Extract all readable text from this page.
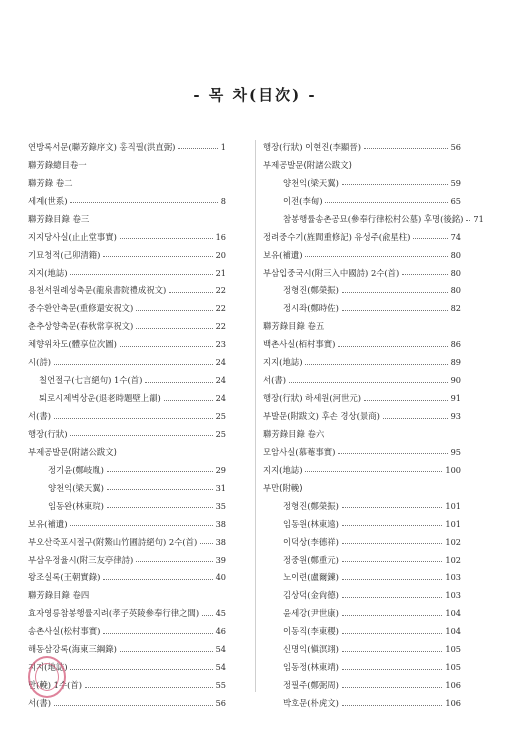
- 목 차(目次) -
연방록서문(聯芳錄序文) 홍직필(洪直弼)	1
聯芳錄總目卷一
聯芳錄 卷二
세계(世系)	8
聯芳錄目錄 卷三
지지당사실(止止堂事實)	16
기묘청적(己卯清籍)	20
지지(地誌)	21
용천서원례성축문(龍泉書院禮成祝文)	22
중수환안축문(重修還安祝文)	22
춘추상향축문(春秋常享祝文)	22
체향위차도(體享位次圖)	23
시(詩)	24
칠언절구(七言絕句) 1수(首)	24
퇴로시제벽상운(退老時題壁上韻)	24
서(書)	25
행장(行狀)	25
부제공발문(附諸公跋文)
정기윤(鄭岐胤)	29
양천익(梁天翼)	31
임동완(林東琓)	35
보유(補遺)	38
부오산죽포시절구(附鰲山竹圃詩絕句) 2수(首) 38
부삼우정율시(附三友亭律詩)	39
왕조실록(王朝實錄)	40
聯芳錄目錄 卷四
효자영릉참봉행률지려(孝子英陵參奉行律之閭) 45
송촌사실(松村事實)	46
해동삼강록(海東三綱錄)	54
지지(地誌)	54
만(輓) 1수(首)	55
서(書)	56
행장(行狀) 이현진(李顯晉)	56
부제공발문(附諸公跋文)
양천익(梁天翼)	59
이전(李甸)	65
참봉행률송촌공묘(參奉行律松村公墓) 후명(後銘) 71
정려중수기(旌閭重修記) 유성주(兪星柱)	74
보유(補遺)	80
부삼입중국시(附三入中國詩) 2수(首)	80
정형진(鄭榮振)	80
정시좌(鄭時佐)	82
聯芳錄目錄 卷五
백촌사실(栢村事實)	86
지지(地誌)	89
서(書)	90
행장(行狀) 하세원(河世元)	91
부발문(附跋文) 후손 경상(景商)	93
聯芳錄目錄 卷六
모암사실(慕菴事實)	95
지지(地誌)	100
부만(附輓)
정형진(鄭榮振)	101
임동원(林東遠)	101
이덕상(李德祥)	102
정중원(鄭重元)	102
노이련(盧爾鍊)	103
김상덕(金尙德)	103
윤세강(尹世康)	104
이동직(李東稷)	104
신명익(愼溟翊)	105
임동정(林東靖)	105
정필주(鄭弼周)	106
박호문(朴虎文)	106
